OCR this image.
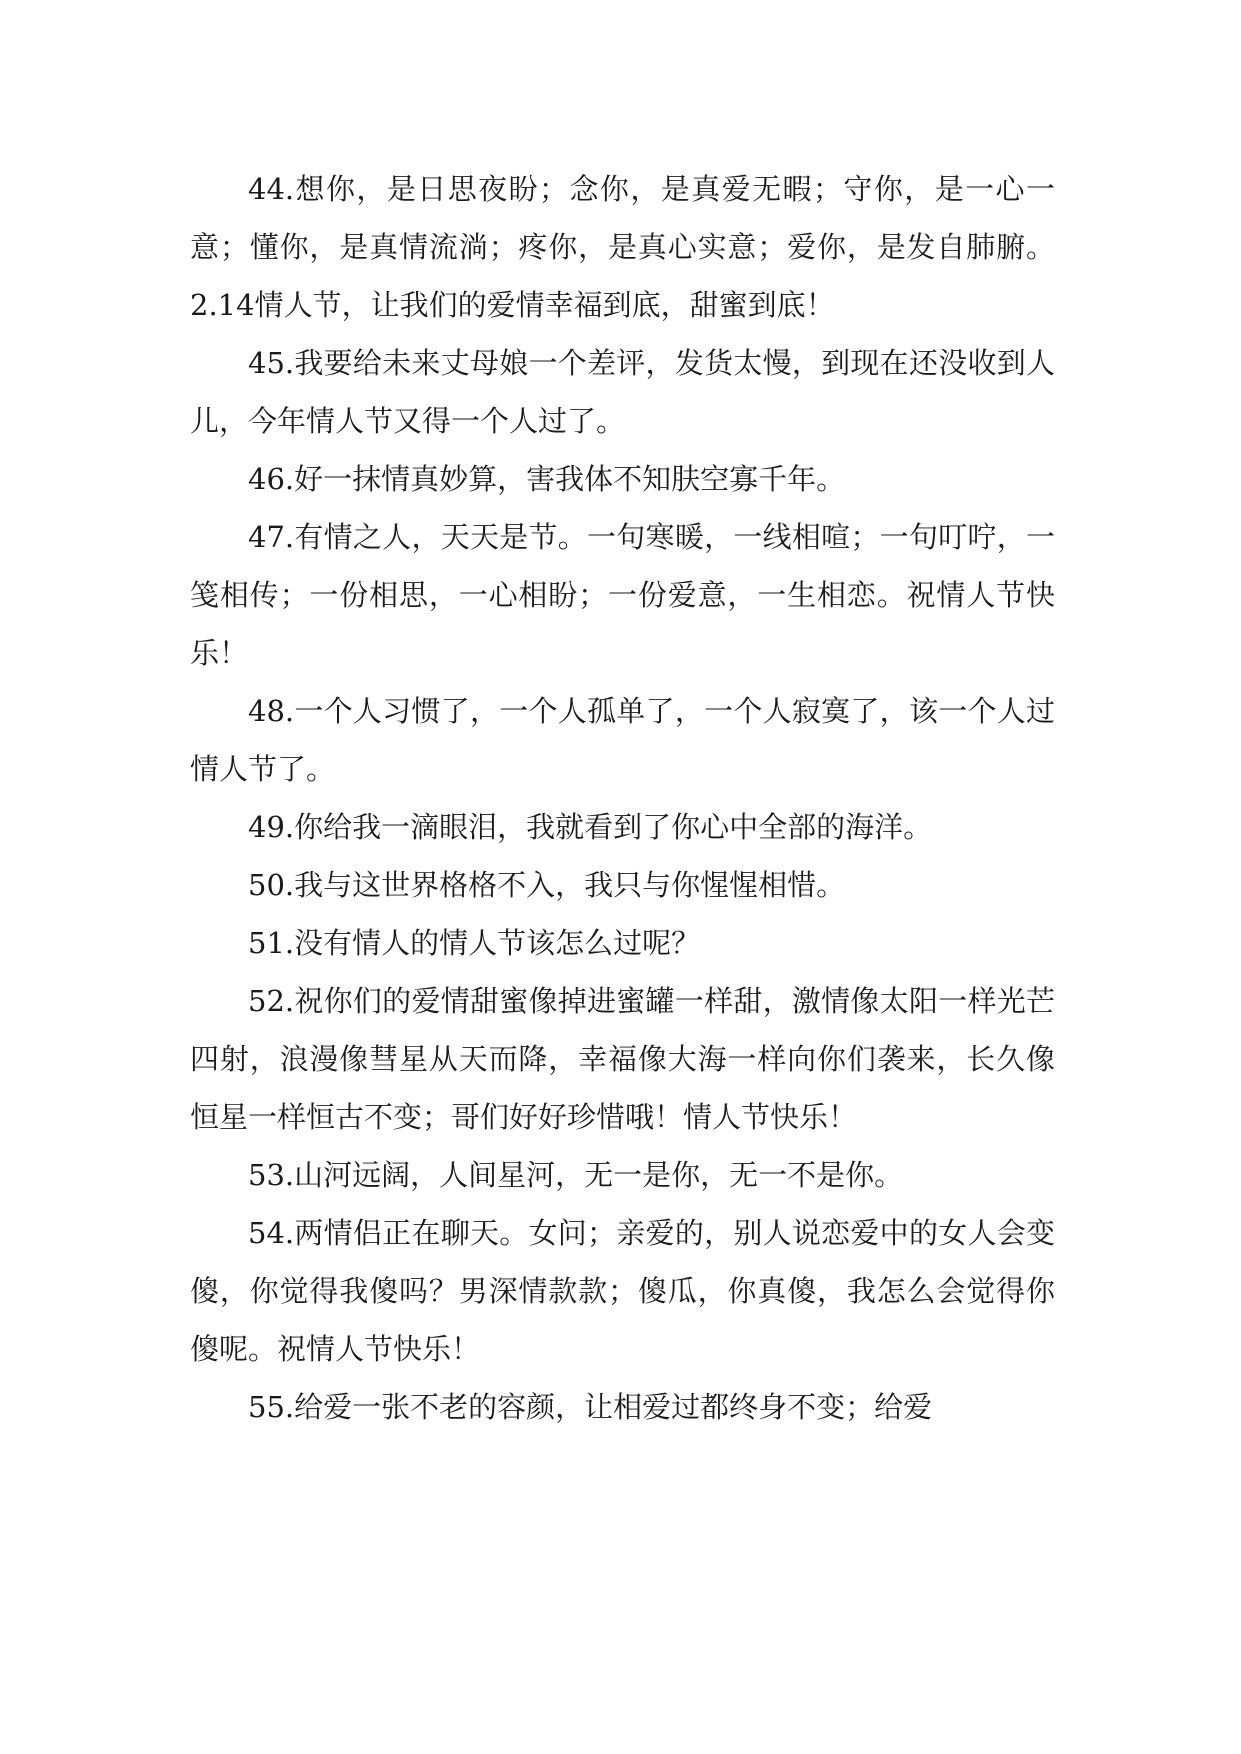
44.想你，是日思夜盼；念你，是真爱无暇；守你，是一心一意；懂你，是真情流淌；疼你，是真心实意；爱你，是发自肺腑。2.14情人节，让我们的爱情幸福到底，甜蜜到底！

45.我要给未来丈母娘一个差评，发货太慢，到现在还没收到人儿，今年情人节又得一个人过了。

46.好一抹情真妙算，害我体不知肤空寡千年。

47.有情之人，天天是节。一句寒暖，一线相喧；一句叮咛，一笺相传；一份相思，一心相盼；一份爱意，一生相恋。祝情人节快乐！

48.一个人习惯了，一个人孤单了，一个人寂寞了，该一个人过情人节了。

49.你给我一滴眼泪，我就看到了你心中全部的海洋。

50.我与这世界格格不入，我只与你惺惺相惜。

51.没有情人的情人节该怎么过呢？

52.祝你们的爱情甜蜜像掉进蜜罐一样甜，激情像太阳一样光芒四射，浪漫像彗星从天而降，幸福像大海一样向你们袭来，长久像恒星一样恒古不变；哥们好好珍惜哦！情人节快乐！

53.山河远阔，人间星河，无一是你，无一不是你。

54.两情侣正在聊天。女问；亲爱的，别人说恋爱中的女人会变傻，你觉得我傻吗？男深情款款；傻瓜，你真傻，我怎么会觉得你傻呢。祝情人节快乐！

55.给爱一张不老的容颜，让相爱过都终身不变；给爱
